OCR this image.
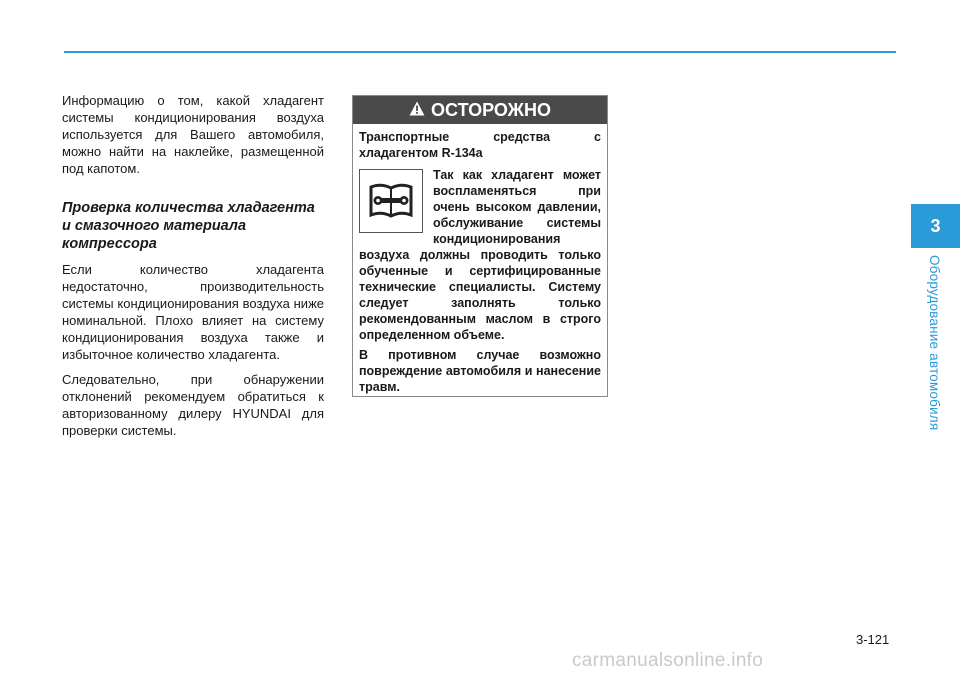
Информацию о том, какой хладагент системы кондиционирования воздуха используется для Вашего автомобиля, можно найти на наклейке, размещенной под капотом.

Проверка количества хладагента и смазочного материала компрессора

Если количество хладагента недостаточно, производительность системы кондиционирования воздуха ниже номинальной. Плохо влияет на систему кондиционирования воздуха также и избыточное количество хладагента.

Следовательно, при обнаружении отклонений рекомендуем обратиться к авторизованному дилеру HYUNDAI для проверки системы.

ОСТОРОЖНО

Транспортные средства с хладагентом R-134a

Так как хладагент может воспламеняться при очень высоком давлении, обслуживание системы кондиционирования воздуха должны проводить только обученные и сертифицированные технические специалисты. Систему следует заполнять только рекомендованным маслом в строго определенном объеме.

В противном случае возможно повреждение автомобиля и нанесение травм.

3
Оборудование автомобиля
3-121
carmanualsonline.info
